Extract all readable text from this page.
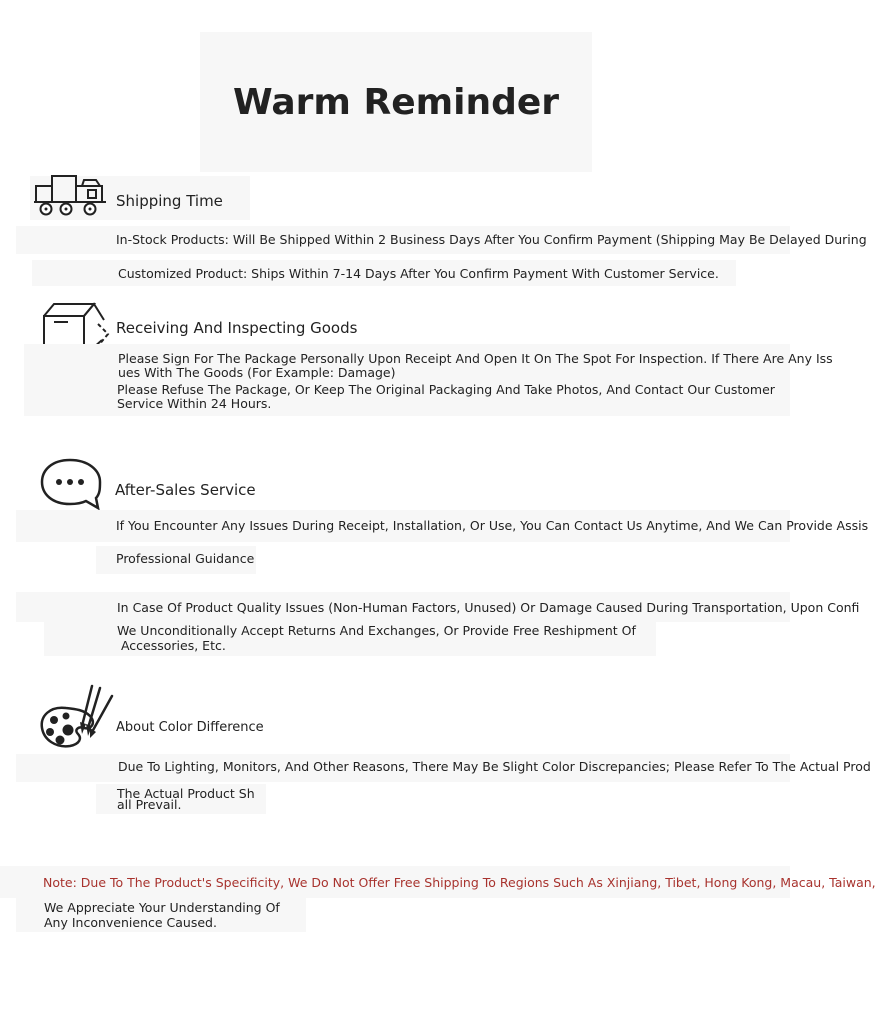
Warm Reminder
Shipping Time
In-Stock Products: Will Be Shipped Within 2 Business Days After You Confirm Payment (Shipping May Be Delayed During
Customized Product: Ships Within 7-14 Days After You Confirm Payment With Customer Service.
Receiving And Inspecting Goods
Please Sign For The Package Personally Upon Receipt And Open It On The Spot For Inspection. If There Are Any Iss
ues With The Goods (For Example: Damage)
Please Refuse The Package, Or Keep The Original Packaging And Take Photos, And Contact Our Customer
Service Within 24 Hours.
After-Sales Service
If You Encounter Any Issues During Receipt, Installation, Or Use, You Can Contact Us Anytime, And We Can Provide Assis
Professional Guidance
In Case Of Product Quality Issues (Non-Human Factors, Unused) Or Damage Caused During Transportation, Upon Confi
We Unconditionally Accept Returns And Exchanges, Or Provide Free Reshipment Of
Accessories, Etc.
About Color Difference
Due To Lighting, Monitors, And Other Reasons, There May Be Slight Color Discrepancies; Please Refer To The Actual Prod
The Actual Product Sh
all Prevail.
Note: Due To The Product's Specificity, We Do Not Offer Free Shipping To Regions Such As Xinjiang, Tibet, Hong Kong, Macau, Taiwan,
We Appreciate Your Understanding Of
Any Inconvenience Caused.
